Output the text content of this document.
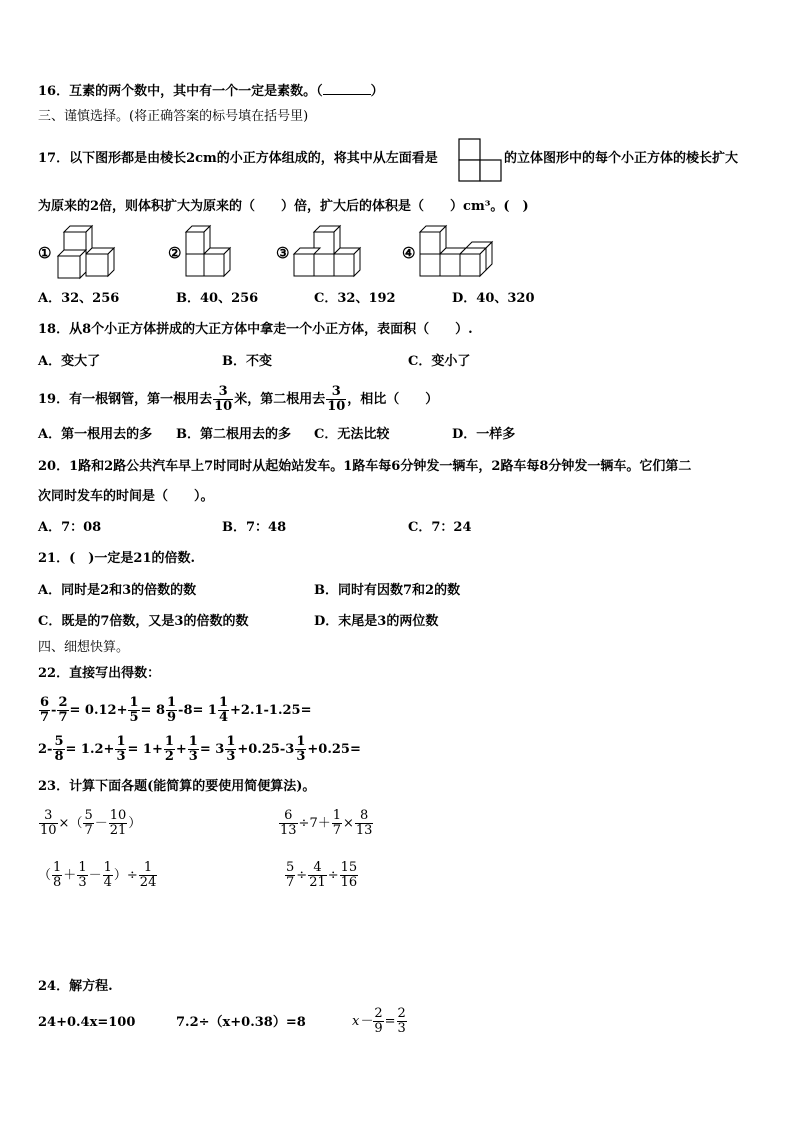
16．互素的两个数中，其中有一个一定是素数。（	）
三、谨慎选择。(将正确答案的标号填在括号里)
17．以下图形都是由棱长2cm的小正方体组成的，将其中从左面看是	的立体图形中的每个小正方体的棱长扩大
为原来的2倍，则体积扩大为原来的（　　）倍，扩大后的体积是（　　）cm³。(　)
①	②	③	④
A．32、256	B．40、256	C．32、192	D．40、320
18．从8个小正方体拼成的大正方体中拿走一个小正方体，表面积（　　）.
A．变大了	B．不变	C．变小了
19．有一根钢管，第一根用去 $\frac{3}{10}$ 米，第二根用去 $\frac{3}{10}$ ，相比（　　）
A．第一根用去的多 B．第二根用去的多 C．无法比较	D．一样多
20．1路和2路公共汽车早上7时同时从起始站发车。1路车每6分钟发一辆车，2路车每8分钟发一辆车。它们第二
次同时发车的时间是（　　）。
A．7：08	B．7：48	C．7：24
21．(　)一定是21的倍数.
A．同时是2和3的倍数的数	B．同时有因数7和2的数
C．既是的7倍数，又是3的倍数的数	D．末尾是3的两位数
四、细想快算。
22．直接写出得数：
$\frac{6}{7} - \frac{2}{7} = 0.12+ \frac{1}{5} = 8 \frac{1}{9} -8= 1 \frac{1}{4} +2.1-1.25=$
$2- \frac{5}{8} = 1.2+ \frac{1}{3} = 1+ \frac{1}{2} + \frac{1}{3} = 3 \frac{1}{3} +0.25-3 \frac{1}{3} +0.25=$
23．计算下面各题(能简算的要使用简便算法)。
$\frac{3}{10}$ ×（ $\frac{5}{7} - \frac{10}{21}$ ）	$\frac{6}{13} \div 7+ \frac{1}{7} \times \frac{8}{13}$
（ $\frac{1}{8} + \frac{1}{3} - \frac{1}{4}$ ）÷ $\frac{1}{24}$	$\frac{5}{7} \div \frac{4}{21} \div \frac{15}{16}$
24．解方程.
24+0.4x=100	7.2÷（x+0.38）=8	$x- \frac{2}{9} = \frac{2}{3}$
